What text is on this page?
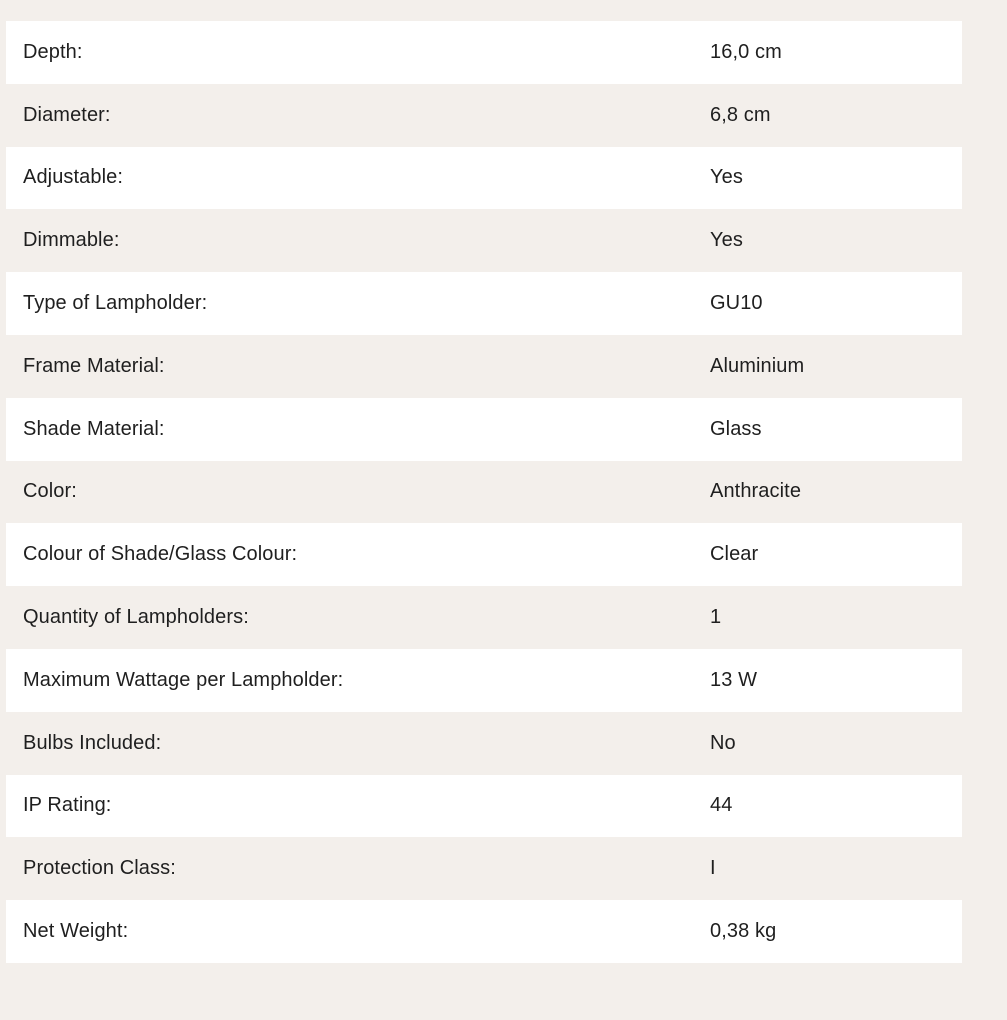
Depth:	16,0 cm
Diameter:	6,8 cm
Adjustable:	Yes
Dimmable:	Yes
Type of Lampholder:	GU10
Frame Material:	Aluminium
Shade Material:	Glass
Color:	Anthracite
Colour of Shade/Glass Colour:	Clear
Quantity of Lampholders:	1
Maximum Wattage per Lampholder:	13 W
Bulbs Included:	No
IP Rating:	44
Protection Class:	I
Net Weight:	0,38 kg
